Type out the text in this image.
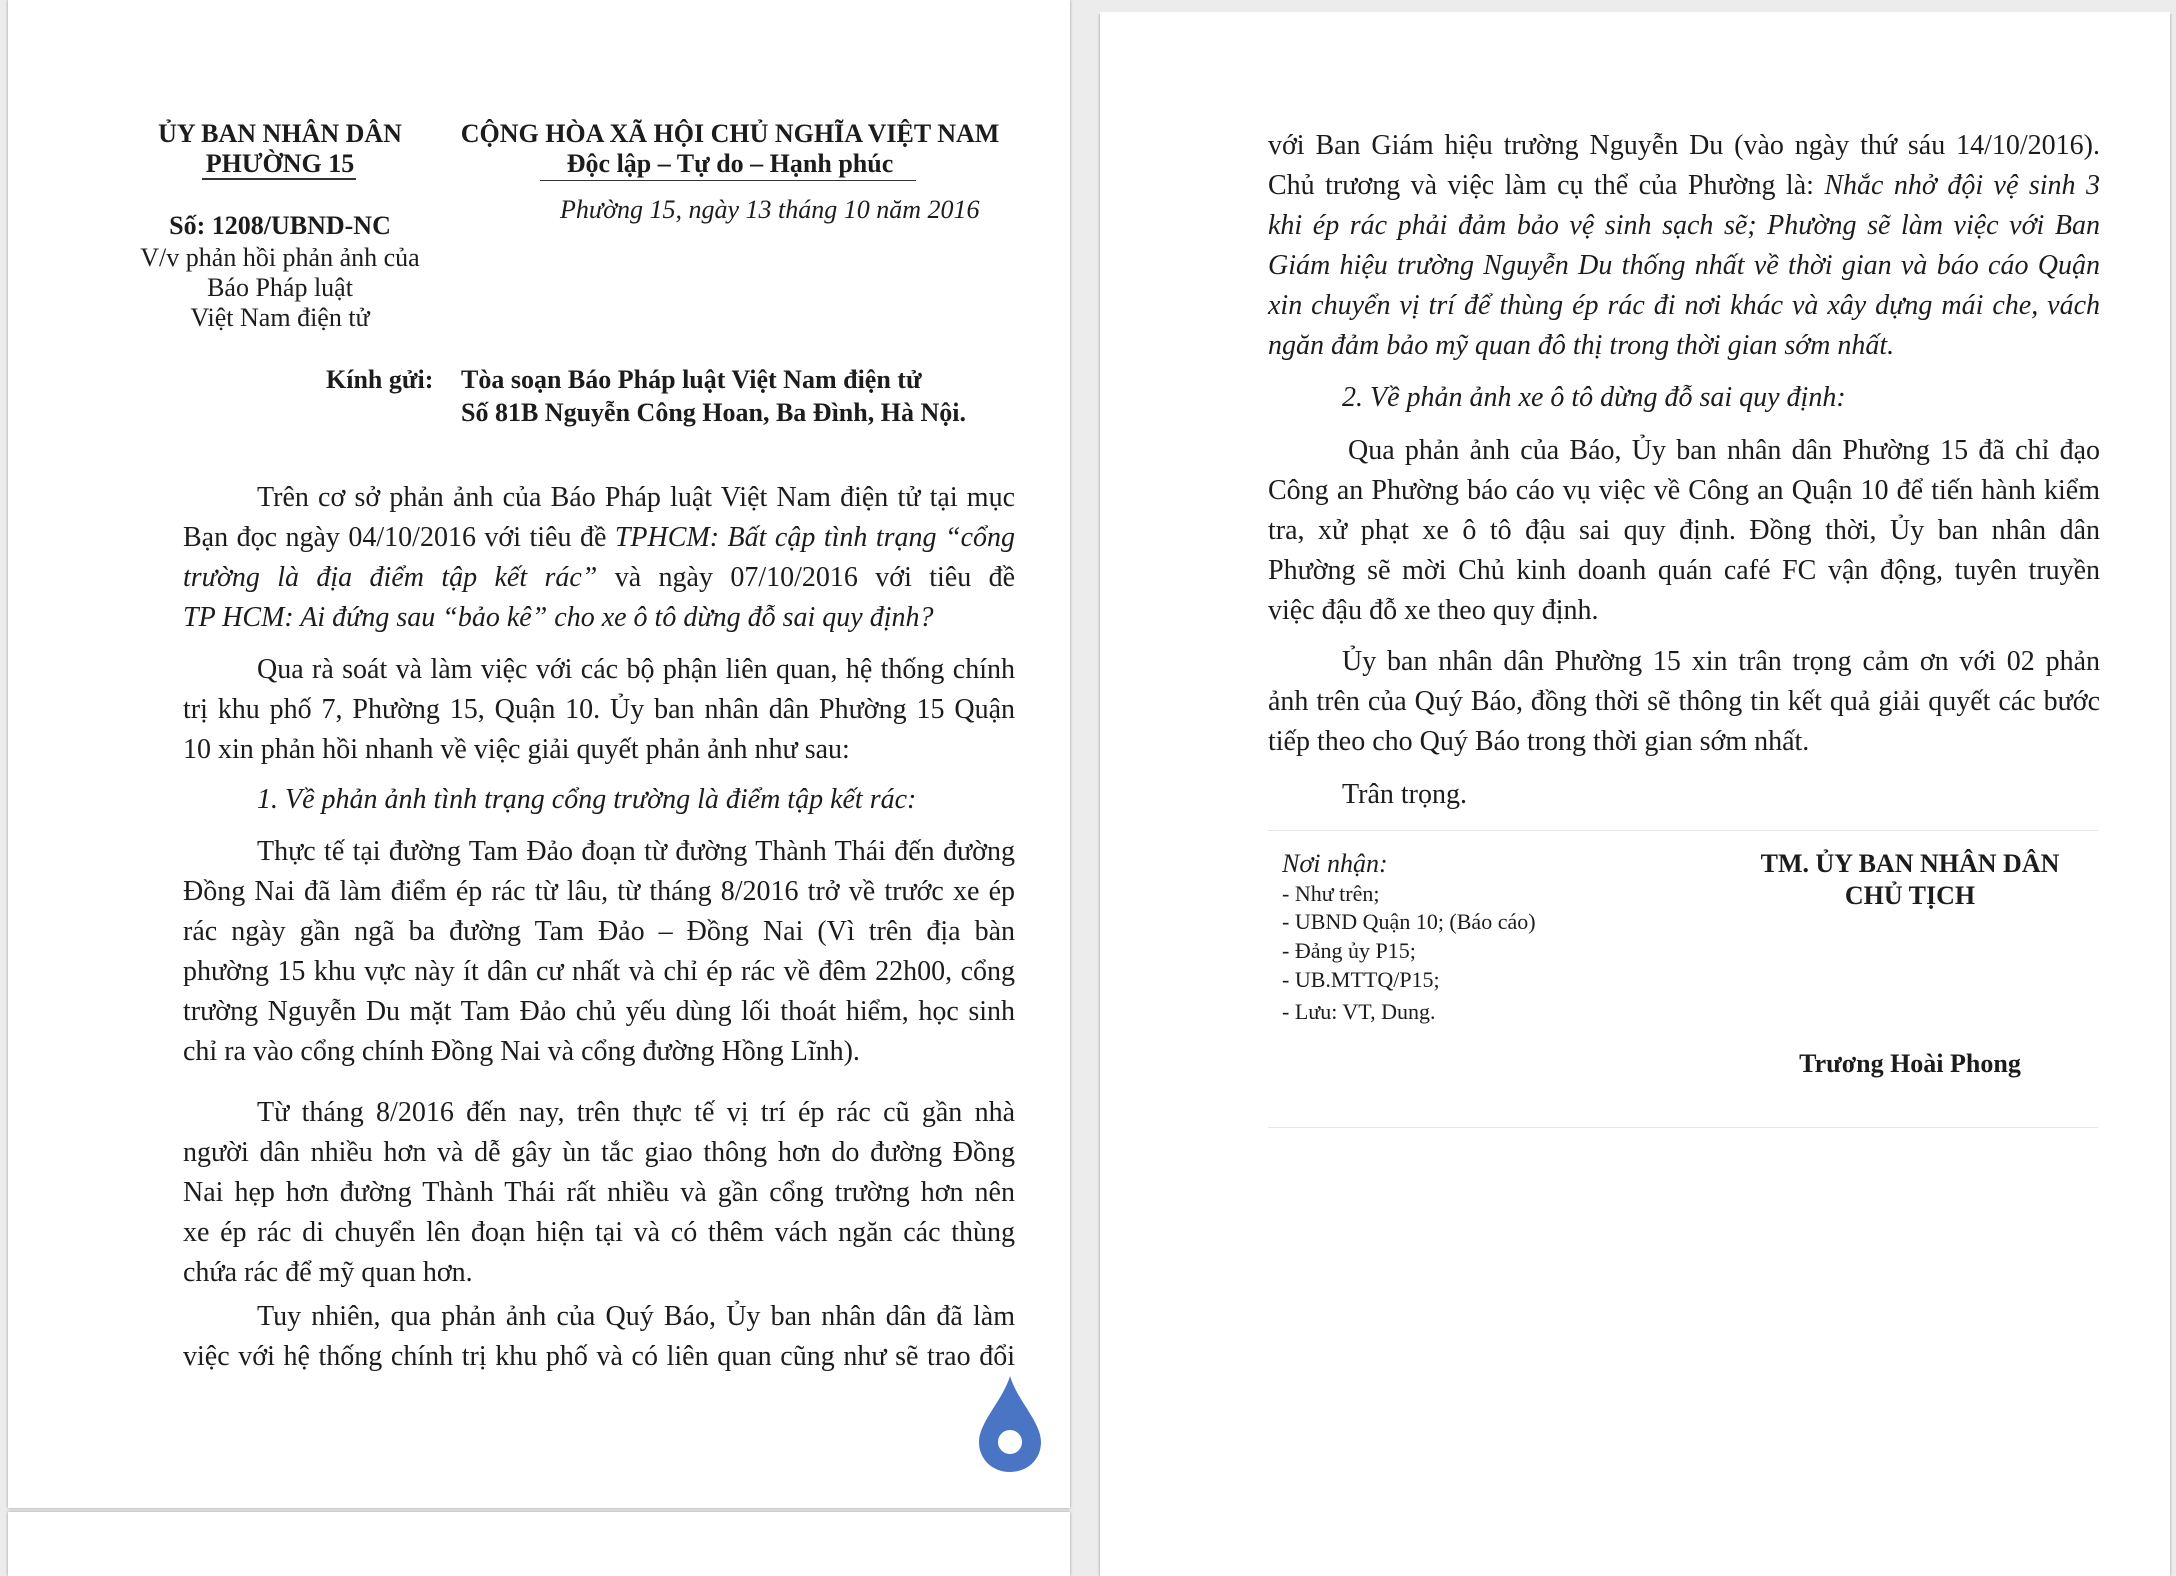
ỦY BAN NHÂN DÂN
PHƯỜNG 15
CỘNG HÒA XÃ HỘI CHỦ NGHĨA VIỆT NAM
Độc lập – Tự do – Hạnh phúc
Số: 1208/UBND-NC
Phường 15, ngày 13 tháng 10 năm 2016
V/v phản hồi phản ảnh của
Báo Pháp luật
Việt Nam điện tử
Kính gửi: Tòa soạn Báo Pháp luật Việt Nam điện tử
Số 81B Nguyễn Công Hoan, Ba Đình, Hà Nội.
Trên cơ sở phản ảnh của Báo Pháp luật Việt Nam điện tử tại mục
Bạn đọc ngày 04/10/2016 với tiêu đề TPHCM: Bất cập tình trạng “cổng
trường là địa điểm tập kết rác” và ngày 07/10/2016 với tiêu đề
TP HCM: Ai đứng sau “bảo kê” cho xe ô tô dừng đỗ sai quy định?
Qua rà soát và làm việc với các bộ phận liên quan, hệ thống chính
trị khu phố 7, Phường 15, Quận 10. Ủy ban nhân dân Phường 15 Quận
10 xin phản hồi nhanh về việc giải quyết phản ảnh như sau:
1. Về phản ảnh tình trạng cổng trường là điểm tập kết rác:
Thực tế tại đường Tam Đảo đoạn từ đường Thành Thái đến đường
Đồng Nai đã làm điểm ép rác từ lâu, từ tháng 8/2016 trở về trước xe ép
rác ngày gần ngã ba đường Tam Đảo – Đồng Nai (Vì trên địa bàn
phường 15 khu vực này ít dân cư nhất và chỉ ép rác về đêm 22h00, cổng
trường Nguyễn Du mặt Tam Đảo chủ yếu dùng lối thoát hiểm, học sinh
chỉ ra vào cổng chính Đồng Nai và cổng đường Hồng Lĩnh).
Từ tháng 8/2016 đến nay, trên thực tế vị trí ép rác cũ gần nhà
người dân nhiều hơn và dễ gây ùn tắc giao thông hơn do đường Đồng
Nai hẹp hơn đường Thành Thái rất nhiều và gần cổng trường hơn nên
xe ép rác di chuyển lên đoạn hiện tại và có thêm vách ngăn các thùng
chứa rác để mỹ quan hơn.
Tuy nhiên, qua phản ảnh của Quý Báo, Ủy ban nhân dân đã làm
việc với hệ thống chính trị khu phố và có liên quan cũng như sẽ trao đổi
với Ban Giám hiệu trường Nguyễn Du (vào ngày thứ sáu 14/10/2016).
Chủ trương và việc làm cụ thể của Phường là: Nhắc nhở đội vệ sinh 3
khi ép rác phải đảm bảo vệ sinh sạch sẽ; Phường sẽ làm việc với Ban
Giám hiệu trường Nguyễn Du thống nhất về thời gian và báo cáo Quận
xin chuyển vị trí để thùng ép rác đi nơi khác và xây dựng mái che, vách
ngăn đảm bảo mỹ quan đô thị trong thời gian sớm nhất.
2. Về phản ảnh xe ô tô dừng đỗ sai quy định:
Qua phản ảnh của Báo, Ủy ban nhân dân Phường 15 đã chỉ đạo
Công an Phường báo cáo vụ việc về Công an Quận 10 để tiến hành kiểm
tra, xử phạt xe ô tô đậu sai quy định. Đồng thời, Ủy ban nhân dân
Phường sẽ mời Chủ kinh doanh quán café FC vận động, tuyên truyền
việc đậu đỗ xe theo quy định.
Ủy ban nhân dân Phường 15 xin trân trọng cảm ơn với 02 phản
ảnh trên của Quý Báo, đồng thời sẽ thông tin kết quả giải quyết các bước
tiếp theo cho Quý Báo trong thời gian sớm nhất.
Trân trọng.
Nơi nhận:
- Như trên;
- UBND Quận 10; (Báo cáo)
- Đảng ủy P15;
- UB.MTTQ/P15;
- Lưu: VT, Dung.
TM. ỦY BAN NHÂN DÂN
CHỦ TỊCH
Trương Hoài Phong
